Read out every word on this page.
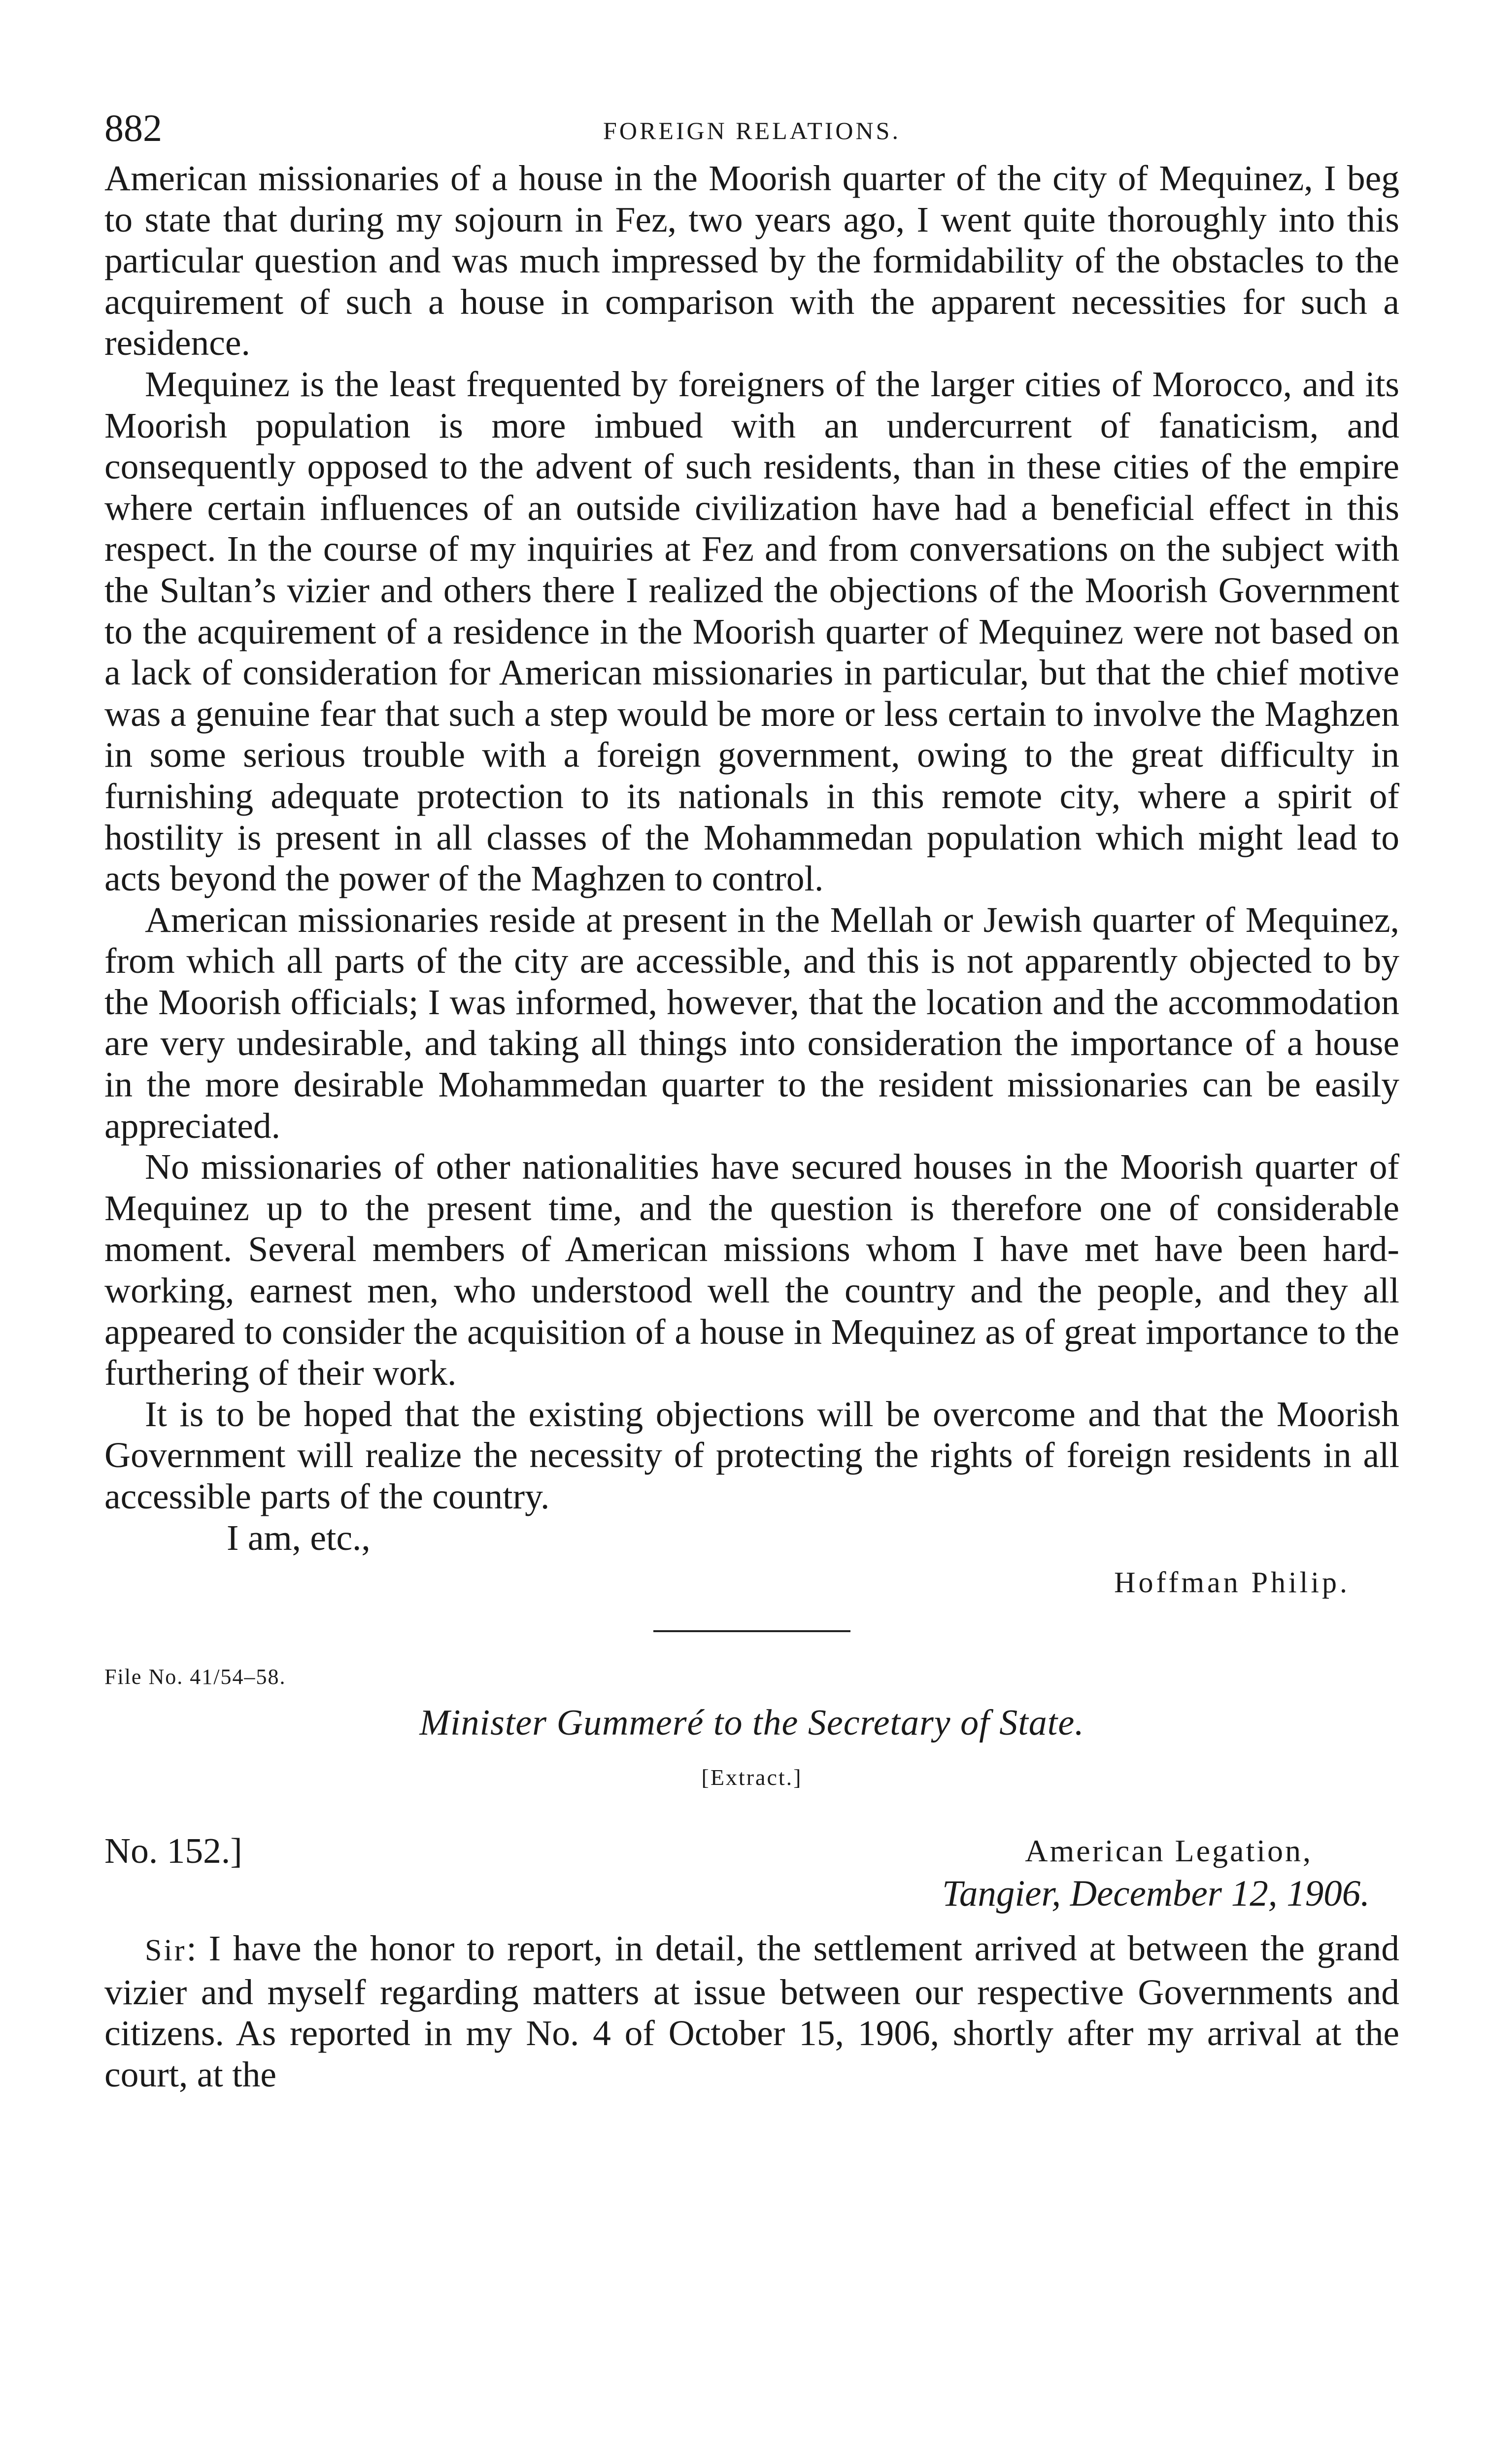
882	FOREIGN RELATIONS.

American missionaries of a house in the Moorish quarter of the city of Mequinez, I beg to state that during my sojourn in Fez, two years ago, I went quite thoroughly into this particular question and was much impressed by the formidability of the obstacles to the acquirement of such a house in comparison with the apparent necessities for such a residence.

Mequinez is the least frequented by foreigners of the larger cities of Morocco, and its Moorish population is more imbued with an undercurrent of fanaticism, and consequently opposed to the advent of such residents, than in these cities of the empire where certain influences of an outside civilization have had a beneficial effect in this respect. In the course of my inquiries at Fez and from conversations on the subject with the Sultan’s vizier and others there I realized the objections of the Moorish Government to the acquirement of a residence in the Moorish quarter of Mequinez were not based on a lack of consideration for American missionaries in particular, but that the chief motive was a genuine fear that such a step would be more or less certain to involve the Maghzen in some serious trouble with a foreign government, owing to the great difficulty in furnishing adequate protection to its nationals in this remote city, where a spirit of hostility is present in all classes of the Mohammedan population which might lead to acts beyond the power of the Maghzen to control.

American missionaries reside at present in the Mellah or Jewish quarter of Mequinez, from which all parts of the city are accessible, and this is not apparently objected to by the Moorish officials; I was informed, however, that the location and the accommodation are very undesirable, and taking all things into consideration the importance of a house in the more desirable Mohammedan quarter to the resident missionaries can be easily appreciated.

No missionaries of other nationalities have secured houses in the Moorish quarter of Mequinez up to the present time, and the question is therefore one of considerable moment. Several members of American missions whom I have met have been hard-working, earnest men, who understood well the country and the people, and they all appeared to consider the acquisition of a house in Mequinez as of great importance to the furthering of their work.

It is to be hoped that the existing objections will be overcome and that the Moorish Government will realize the necessity of protecting the rights of foreign residents in all accessible parts of the country.

I am, etc.,

Hoffman Philip.

File No. 41/54–58.

Minister Gummeré to the Secretary of State.

[Extract.]

No. 152.]	American Legation,
Tangier, December 12, 1906.

Sir: I have the honor to report, in detail, the settlement arrived at between the grand vizier and myself regarding matters at issue between our respective Governments and citizens. As reported in my No. 4 of October 15, 1906, shortly after my arrival at the court, at the
